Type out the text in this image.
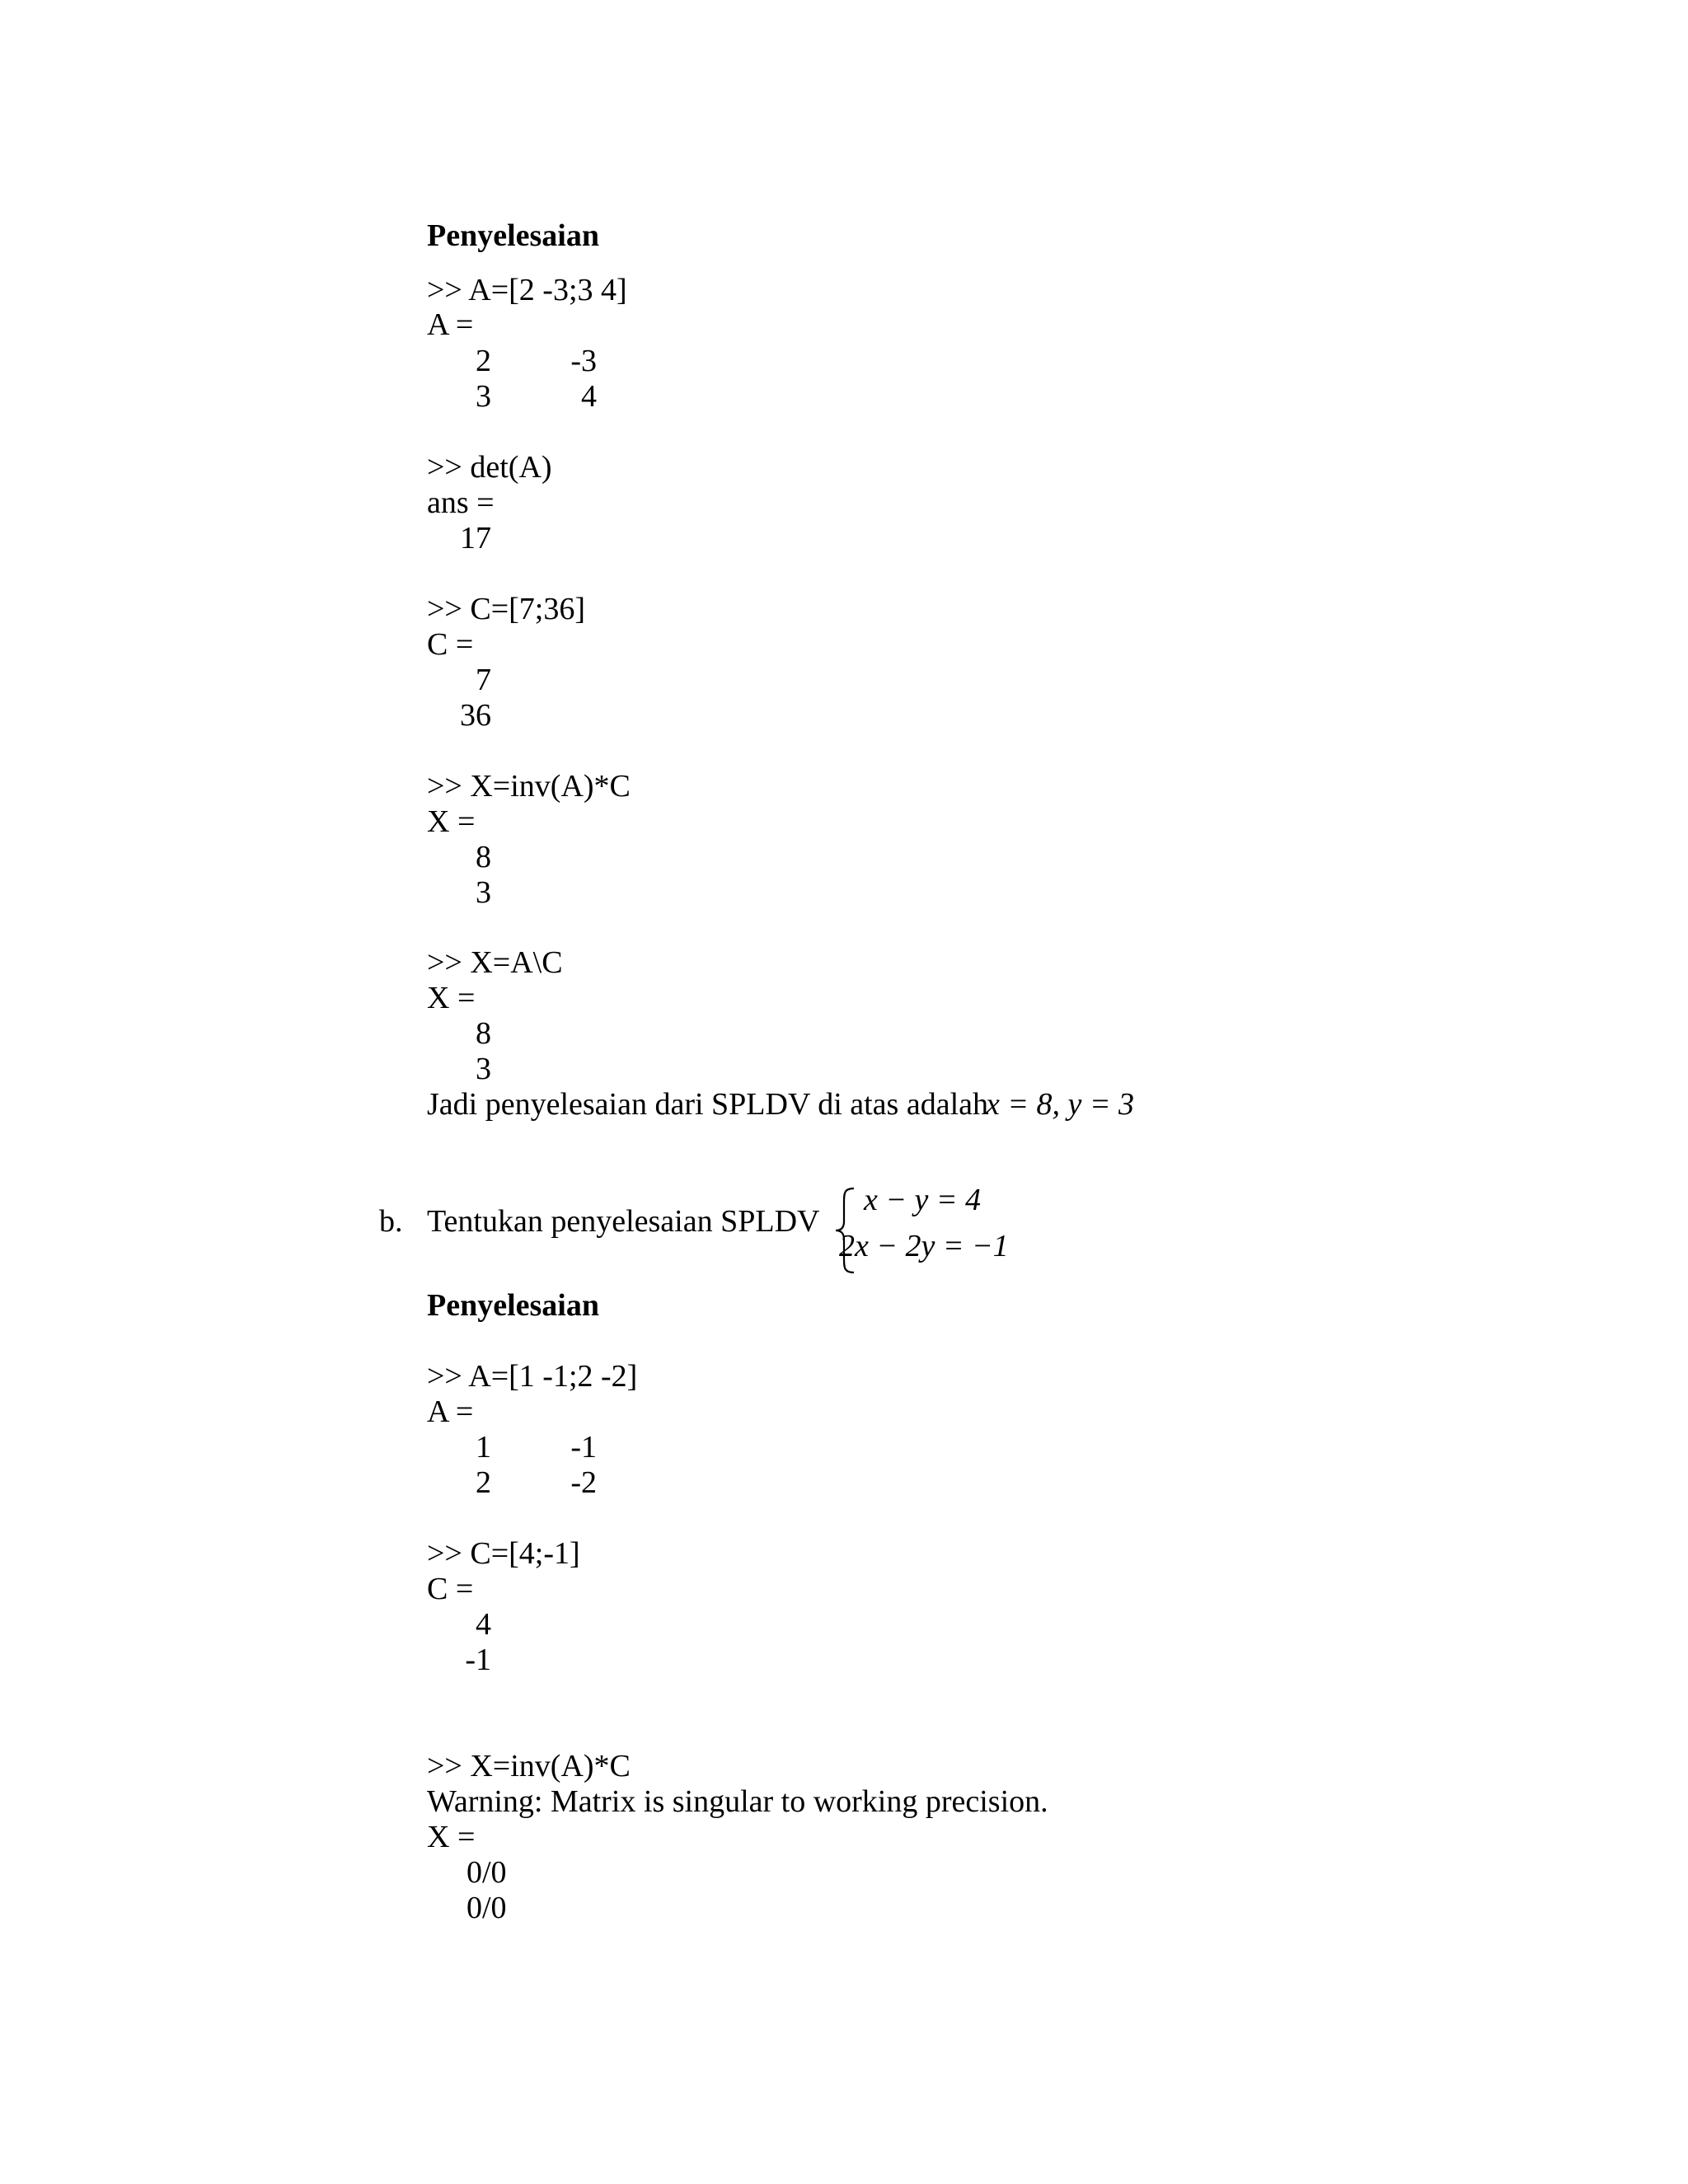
Penyelesaian
>> A=[2 -3;3 4]
A =
2	-3
3	4
>> det(A)
ans =
17
>> C=[7;36]
C =
7
36
>> X=inv(A)*C
X =
8
3
>> X=A\C
X =
8
3
Jadi penyelesaian dari SPLDV di atas adalah
x = 8, y = 3
b. Tentukan penyelesaian SPLDV
x − y = 4
2x − 2y = −1
Penyelesaian
>> A=[1 -1;2 -2]
A =
1	-1
2	-2
>> C=[4;-1]
C =
4
-1
>> X=inv(A)*C
Warning: Matrix is singular to working precision.
X =
0/0
0/0
